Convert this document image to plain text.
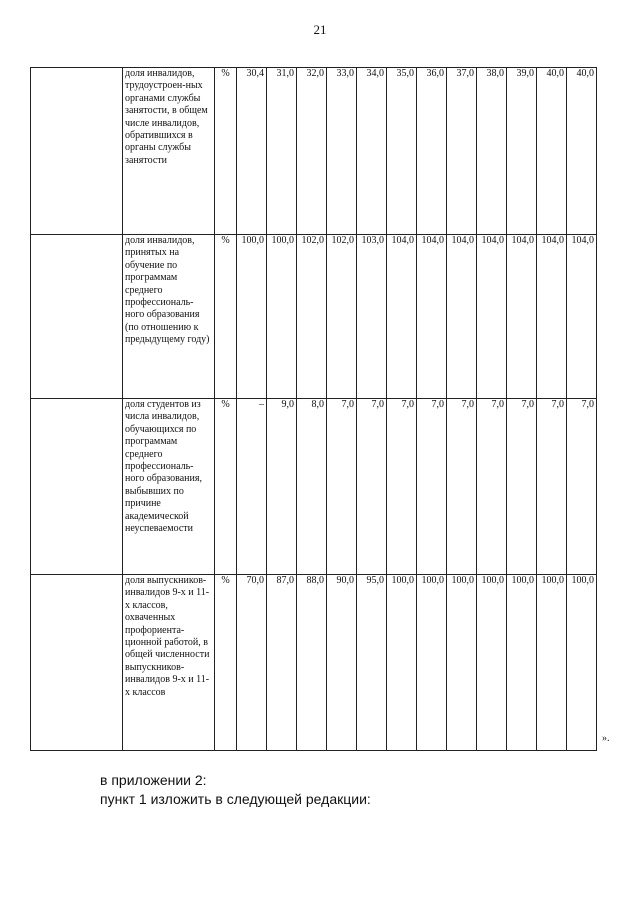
21
	доля инвалидов, трудоустроен-ных органами службы занятости, в общем числе инвалидов, обратившихся в органы службы занятости	%	30,4	31,0	32,0	33,0	34,0	35,0	36,0	37,0	38,0	39,0	40,0	40,0
	доля инвалидов, принятых на обучение по программам среднего профессиональ-ного образования (по отношению к предыдущему году)	%	100,0	100,0	102,0	102,0	103,0	104,0	104,0	104,0	104,0	104,0	104,0	104,0
	доля студентов из числа инвалидов, обучающихся по программам среднего профессиональ-ного образования, выбывших по причине академической неуспеваемости	%	–	9,0	8,0	7,0	7,0	7,0	7,0	7,0	7,0	7,0	7,0	7,0
	доля выпускников-инвалидов 9-х и 11-х классов, охваченных профориента-ционной работой, в общей численности выпускников-инвалидов 9-х и 11-х классов	%	70,0	87,0	88,0	90,0	95,0	100,0	100,0	100,0	100,0	100,0	100,0	100,0
».
в приложении 2:
пункт 1 изложить в следующей редакции:
